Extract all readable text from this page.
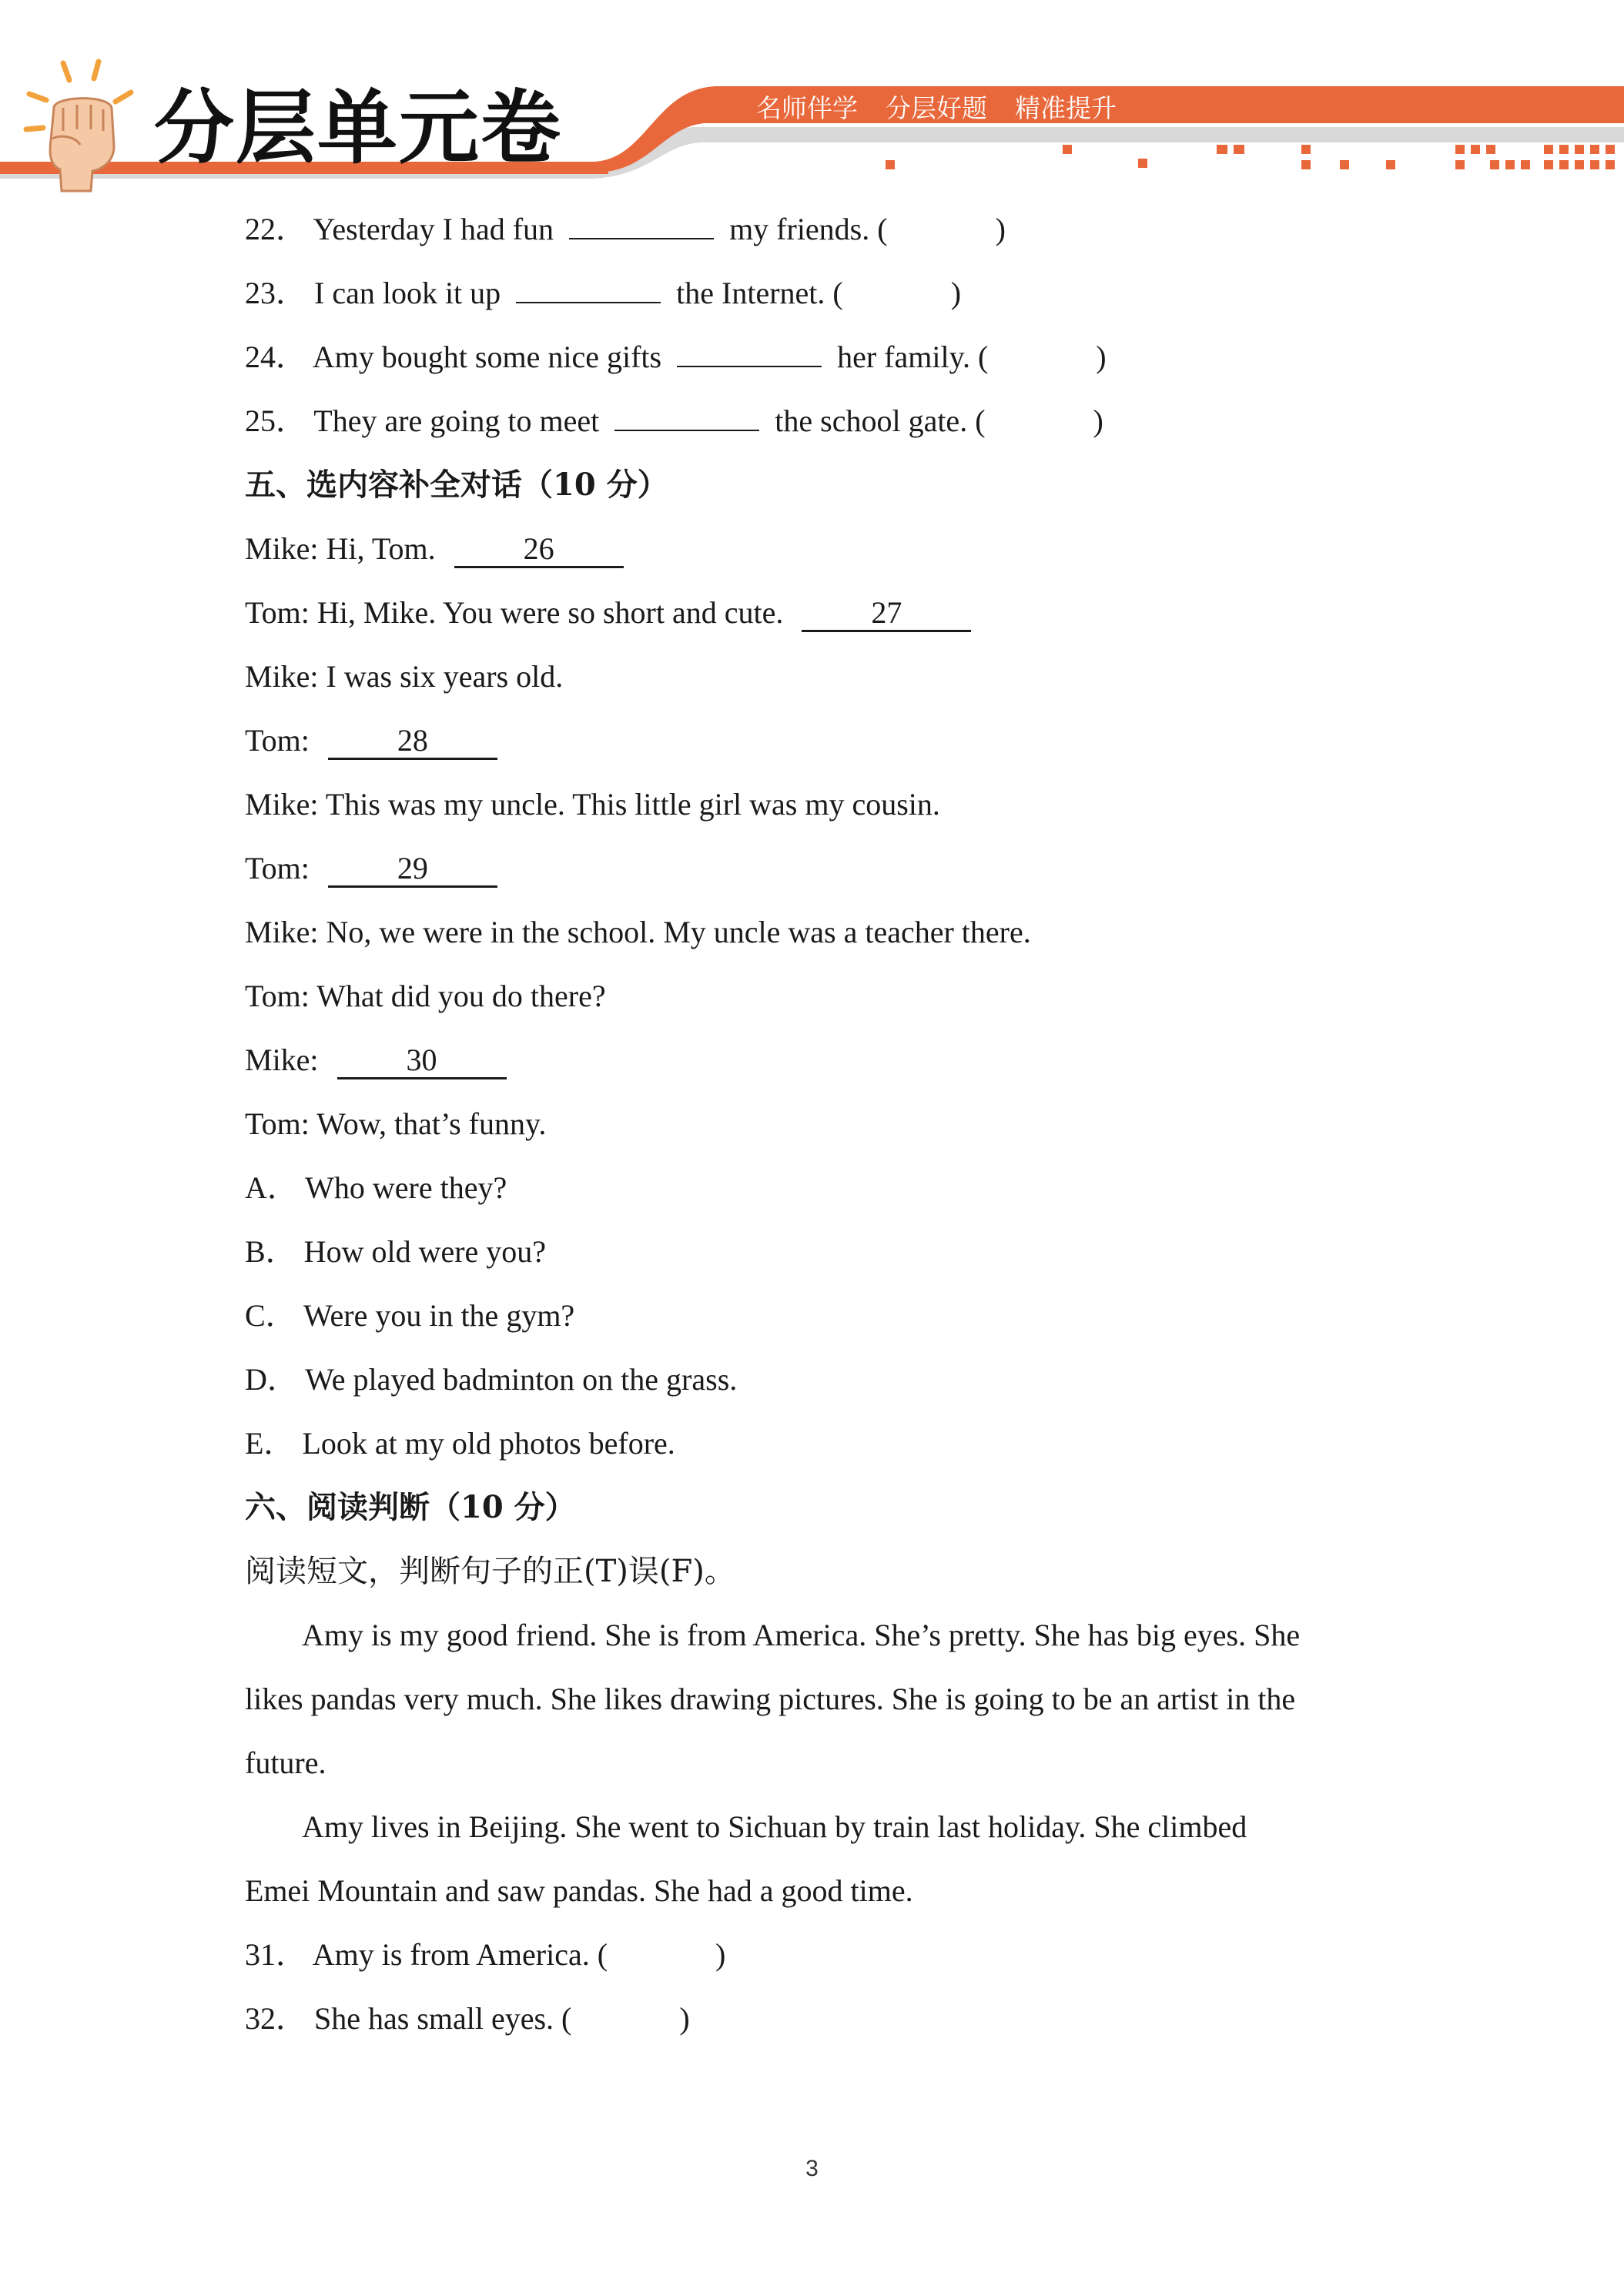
分层单元卷	名师伴学 分层好题 精准提升
22． Yesterday I had fun	my friends. (	)
23． I can look it up	the Internet. (	)
24． Amy bought some nice gifts	her family. (	)
25． They are going to meet	the school gate. (	)
五、选内容补全对话（10 分）
Mike: Hi, Tom.	26
Tom: Hi, Mike. You were so short and cute.	27
Mike: I was six years old.
Tom:	28
Mike: This was my uncle. This little girl was my cousin.
Tom:	29
Mike: No, we were in the school. My uncle was a teacher there.
Tom: What did you do there?
Mike:	30
Tom: Wow, that’s funny.
A． Who were they?
B． How old were you?
C． Were you in the gym?
D． We played badminton on the grass.
E． Look at my old photos before.
六、阅读判断（10 分）
阅读短文，判断句子的正(T)误(F)。
Amy is my good friend. She is from America. She’s pretty. She has big eyes. She
likes pandas very much. She likes drawing pictures. She is going to be an artist in the
future.
Amy lives in Beijing. She went to Sichuan by train last holiday. She climbed
Emei Mountain and saw pandas. She had a good time.
31． Amy is from America. (	)
32． She has small eyes. (	)
3
